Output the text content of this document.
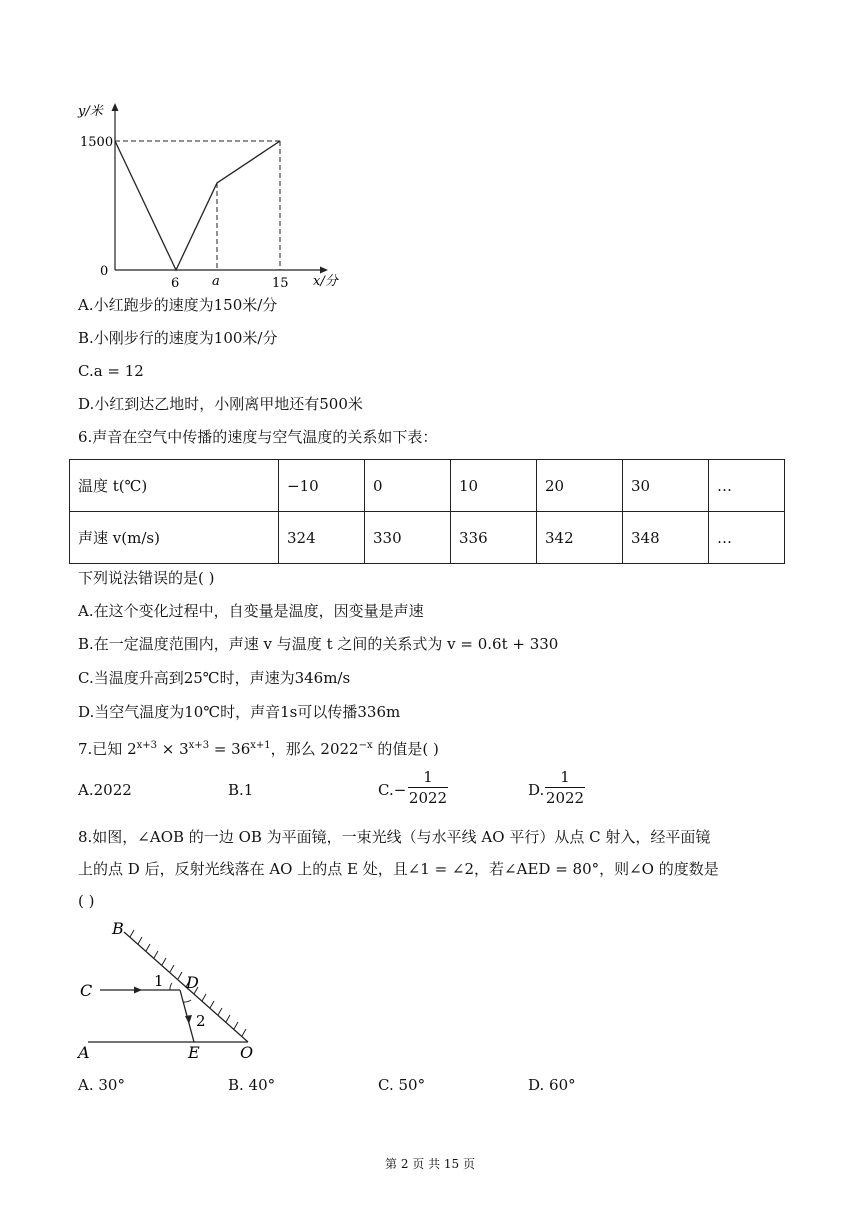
y/米
1500
0
6	a	15 x/分
A.小红跑步的速度为150米/分
B.小刚步行的速度为100米/分
C.a = 12
D.小红到达乙地时，小刚离甲地还有500米
6.声音在空气中传播的速度与空气温度的关系如下表：
温度 t(℃)	−10	0	10	20	30	…
声速 v(m/s)	324	330	336	342	348	…
下列说法错误的是( )
A.在这个变化过程中，自变量是温度，因变量是声速
B.在一定温度范围内，声速 v 与温度 t 之间的关系式为 v = 0.6t + 330
C.当温度升高到25℃时，声速为346m/s
D.当空气温度为10℃时，声音1s可以传播336m
7.已知 $2^{x+3} \times 3^{x+3} = 36^{x+1}$，那么 $2022^{-x}$ 的值是( )
A.2022	B.1	$C.- \frac{1}{2022}$	D. $\frac{1}{2022}$
8.如图，∠AOB 的一边 OB 为平面镜，一束光线（与水平线 AO 平行）从点 C 射入，经平面镜
上的点 D 后，反射光线落在 AO 上的点 E 处，且∠1 = ∠2，若∠AED = 80°，则∠O 的度数是
( )
B
C	1 D
2
A	E	O
A. 30°	B. 40°	C. 50°	D. 60°
第 2 页 共 15 页
